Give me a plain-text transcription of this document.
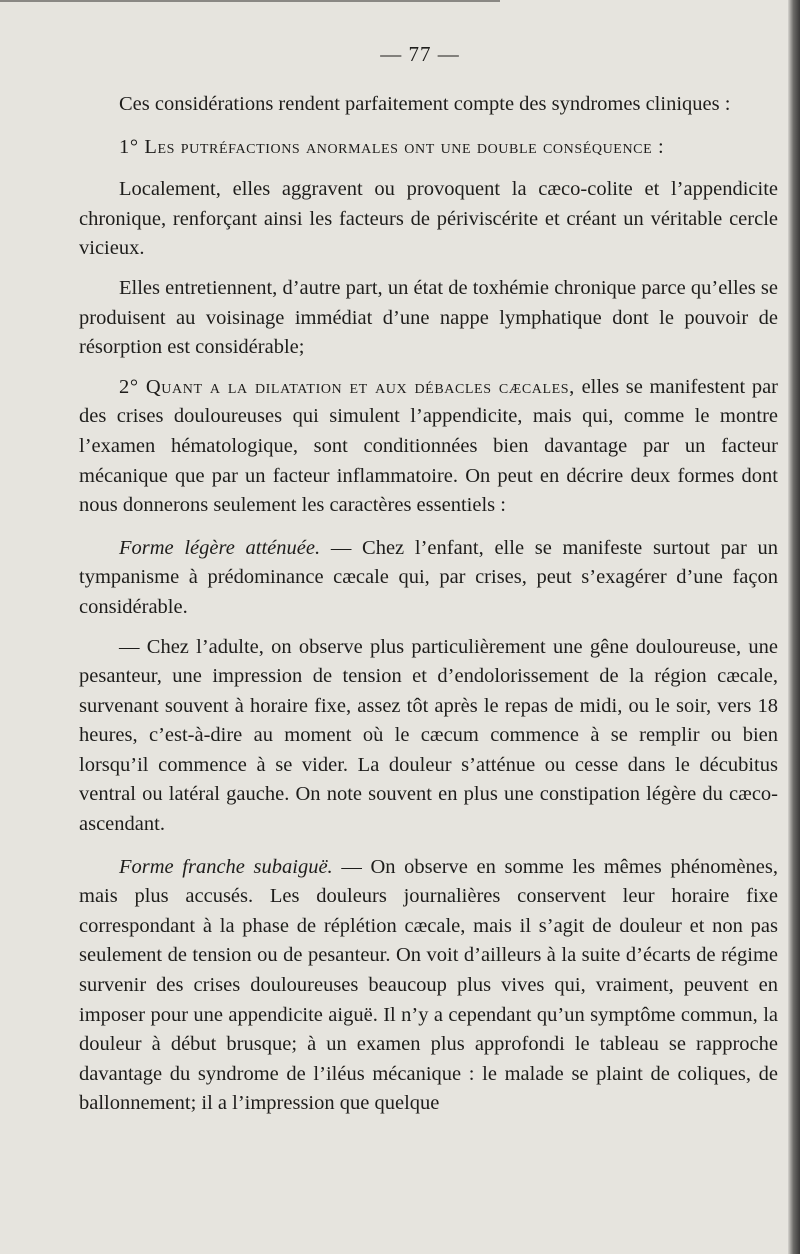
— 77 —

Ces considérations rendent parfaitement compte des syndromes cliniques :

1° Les putréfactions anormales ont une double conséquence :

Localement, elles aggravent ou provoquent la cæco-colite et l’appendicite chronique, renforçant ainsi les facteurs de périviscérite et créant un véritable cercle vicieux.

Elles entretiennent, d’autre part, un état de toxhémie chronique parce qu’elles se produisent au voisinage immédiat d’une nappe lymphatique dont le pouvoir de résorption est considérable;

2° Quant a la dilatation et aux débacles cæcales, elles se manifestent par des crises douloureuses qui simulent l’appendicite, mais qui, comme le montre l’examen hématologique, sont conditionnées bien davantage par un facteur mécanique que par un facteur inflammatoire. On peut en décrire deux formes dont nous donnerons seulement les caractères essentiels :

Forme légère atténuée. — Chez l’enfant, elle se manifeste surtout par un tympanisme à prédominance cæcale qui, par crises, peut s’exagérer d’une façon considérable.

— Chez l’adulte, on observe plus particulièrement une gêne douloureuse, une pesanteur, une impression de tension et d’endolorissement de la région cæcale, survenant souvent à horaire fixe, assez tôt après le repas de midi, ou le soir, vers 18 heures, c’est-à-dire au moment où le cæcum commence à se remplir ou bien lorsqu’il commence à se vider. La douleur s’atténue ou cesse dans le décubitus ventral ou latéral gauche. On note souvent en plus une constipation légère du cæco-ascendant.

Forme franche subaiguë. — On observe en somme les mêmes phénomènes, mais plus accusés. Les douleurs journalières conservent leur horaire fixe correspondant à la phase de réplétion cæcale, mais il s’agit de douleur et non pas seulement de tension ou de pesanteur. On voit d’ailleurs à la suite d’écarts de régime survenir des crises douloureuses beaucoup plus vives qui, vraiment, peuvent en imposer pour une appendicite aiguë. Il n’y a cependant qu’un symptôme commun, la douleur à début brusque; à un examen plus approfondi le tableau se rapproche davantage du syndrome de l’iléus mécanique : le malade se plaint de coliques, de ballonnement; il a l’impression que quelque
